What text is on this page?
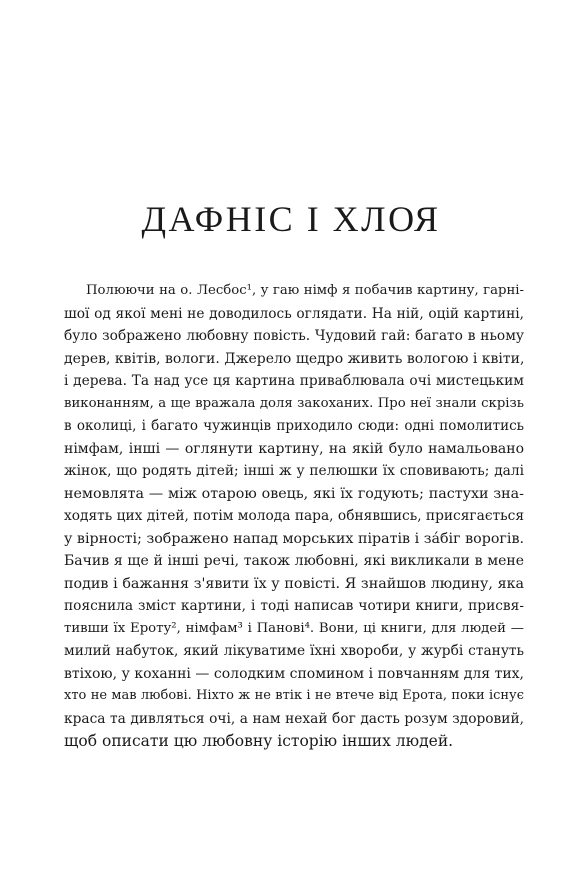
ДАФНІС І ХЛОЯ
Полюючи на о. Лесбос¹, у гаю німф я побачив картину, гарні-
шої од якої мені не доводилось оглядати. На ній, оцій картині,
було зображено любовну повість. Чудовий гай: багато в ньому
дерев, квітів, вологи. Джерело щедро живить вологою і квіти,
і дерева. Та над усе ця картина приваблювала очі мистецьким
виконанням, а ще вражала доля закоханих. Про неї знали скрізь
в околиці, і багато чужинців приходило сюди: одні помолитись
німфам, інші — оглянути картину, на якій було намальовано
жінок, що родять дітей; інші ж у пелюшки їх сповивають; далі
немовлята — між отарою овець, які їх годують; пастухи зна-
ходять цих дітей, потім молода пара, обнявшись, присягається
у вірності; зображено напад морських піратів і зáбіг ворогів.
Бачив я ще й інші речі, також любовні, які викликали в мене
подив і бажання з'явити їх у повісті. Я знайшов людину, яка
пояснила зміст картини, і тоді написав чотири книги, присвя-
тивши їх Ероту², німфам³ і Панові⁴. Вони, ці книги, для людей —
милий набуток, який лікуватиме їхні хвороби, у журбі стануть
втіхою, у коханні — солодким споминoм і повчанням для тих,
хто не мав любові. Ніхто ж не втік і не втече від Ерота, поки існує
краса та дивляться очі, а нам нехай бог дасть розум здоровий,
щоб описати цю любовну історію інших людей.
